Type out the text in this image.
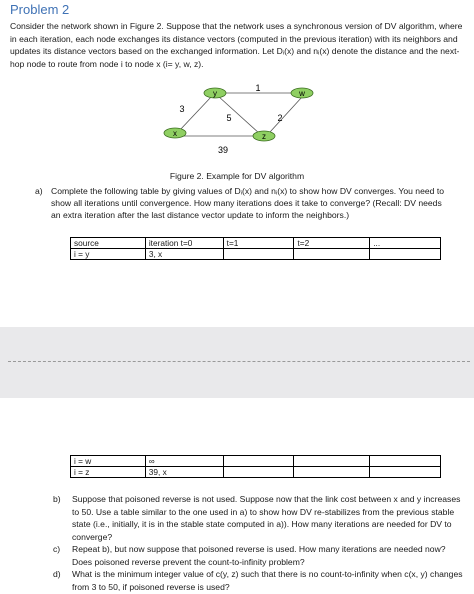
Problem 2
Consider the network shown in Figure 2. Suppose that the network uses a synchronous version of DV algorithm, where in each iteration, each node exchanges its distance vectors (computed in the previous iteration) with its neighbors and updates its distance vectors based on the exchanged information. Let Dᵢ(x) and nᵢ(x) denote the distance and the next-hop node to route from node i to node x (i= y, w, z).
y	w
x	z
1
3
5	2
39
Figure 2. Example for DV algorithm
a) Complete the following table by giving values of Dᵢ(x) and nᵢ(x) to show how DV converges. You need to show all iterations until convergence. How many iterations does it take to converge? (Recall: DV needs an extra iteration after the last distance vector update to inform the neighbors.)
source	iteration t=0	t=1	t=2	...
i = y	3, x			
i = w	∞			
i = z	39, x			
b) Suppose that poisoned reverse is not used. Suppose now that the link cost between x and y increases to 50. Use a table similar to the one used in a) to show how DV re-stabilizes from the previous stable state (i.e., initially, it is in the stable state computed in a)). How many iterations are needed for DV to converge?
c) Repeat b), but now suppose that poisoned reverse is used. How many iterations are needed now? Does poisoned reverse prevent the count-to-infinity problem?
d) What is the minimum integer value of c(y, z) such that there is no count-to-infinity when c(x, y) changes from 3 to 50, if poisoned reverse is used?
